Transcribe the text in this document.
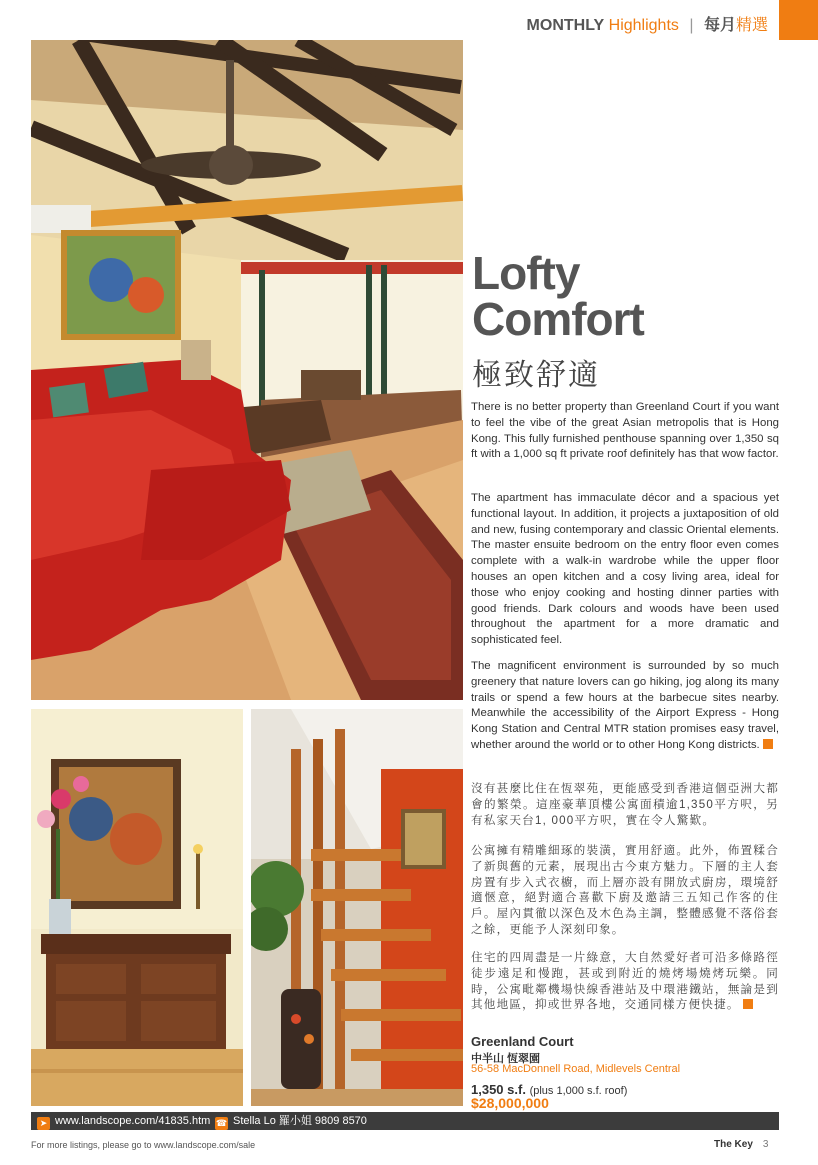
MONTHLY Highlights | 每月精選
Lofty
Comfort
極致舒適

There is no better property than Greenland Court if you want to feel the vibe of the great Asian metropolis that is Hong Kong. This fully furnished penthouse spanning over 1,350 sq ft with a 1,000 sq ft private roof definitely has that wow factor.

The apartment has immaculate décor and a spacious yet functional layout. In addition, it projects a juxtaposition of old and new, fusing contemporary and classic Oriental elements. The master ensuite bedroom on the entry floor even comes complete with a walk-in wardrobe while the upper floor houses an open kitchen and a cosy living area, ideal for those who enjoy cooking and hosting dinner parties with good friends. Dark colours and woods have been used throughout the apartment for a more dramatic and sophisticated feel.

The magnificent environment is surrounded by so much greenery that nature lovers can go hiking, jog along its many trails or spend a few hours at the barbecue sites nearby. Meanwhile the accessibility of the Airport Express - Hong Kong Station and Central MTR station promises easy travel, whether around the world or to other Hong Kong districts.

沒有甚麼比住在恆翠苑，更能感受到香港這個亞洲大都會的繁榮。這座豪華頂樓公寓面積逾1,350平方呎，另有私家天台1, 000平方呎，實在令人驚歎。

公寓擁有精雕細琢的裝潢，實用舒適。此外，佈置糅合了新與舊的元素，展現出古今東方魅力。下層的主人套房置有步入式衣櫥，而上層亦設有開放式廚房，環境舒適愜意，絕對適合喜歡下廚及邀請三五知己作客的住戶。屋內貫徹以深色及木色為主調，整體感覺不落俗套之餘，更能予人深刻印象。

住宅的四周盡是一片綠意，大自然愛好者可沿多條路徑徒步遠足和慢跑，甚或到附近的燒烤場燒烤玩樂。同時，公寓毗鄰機場快線香港站及中環港鐵站，無論是到其他地區，抑或世界各地，交通同樣方便快捷。

Greenland Court
中半山 恆翠園
56-58 MacDonnell Road, Midlevels Central
1,350 s.f. (plus 1,000 s.f. roof)
$28,000,000
➤ www.landscope.com/41835.htm ☎ Stella Lo 羅小姐 9809 8570
For more listings, please go to www.landscope.com/sale	The Key 3
